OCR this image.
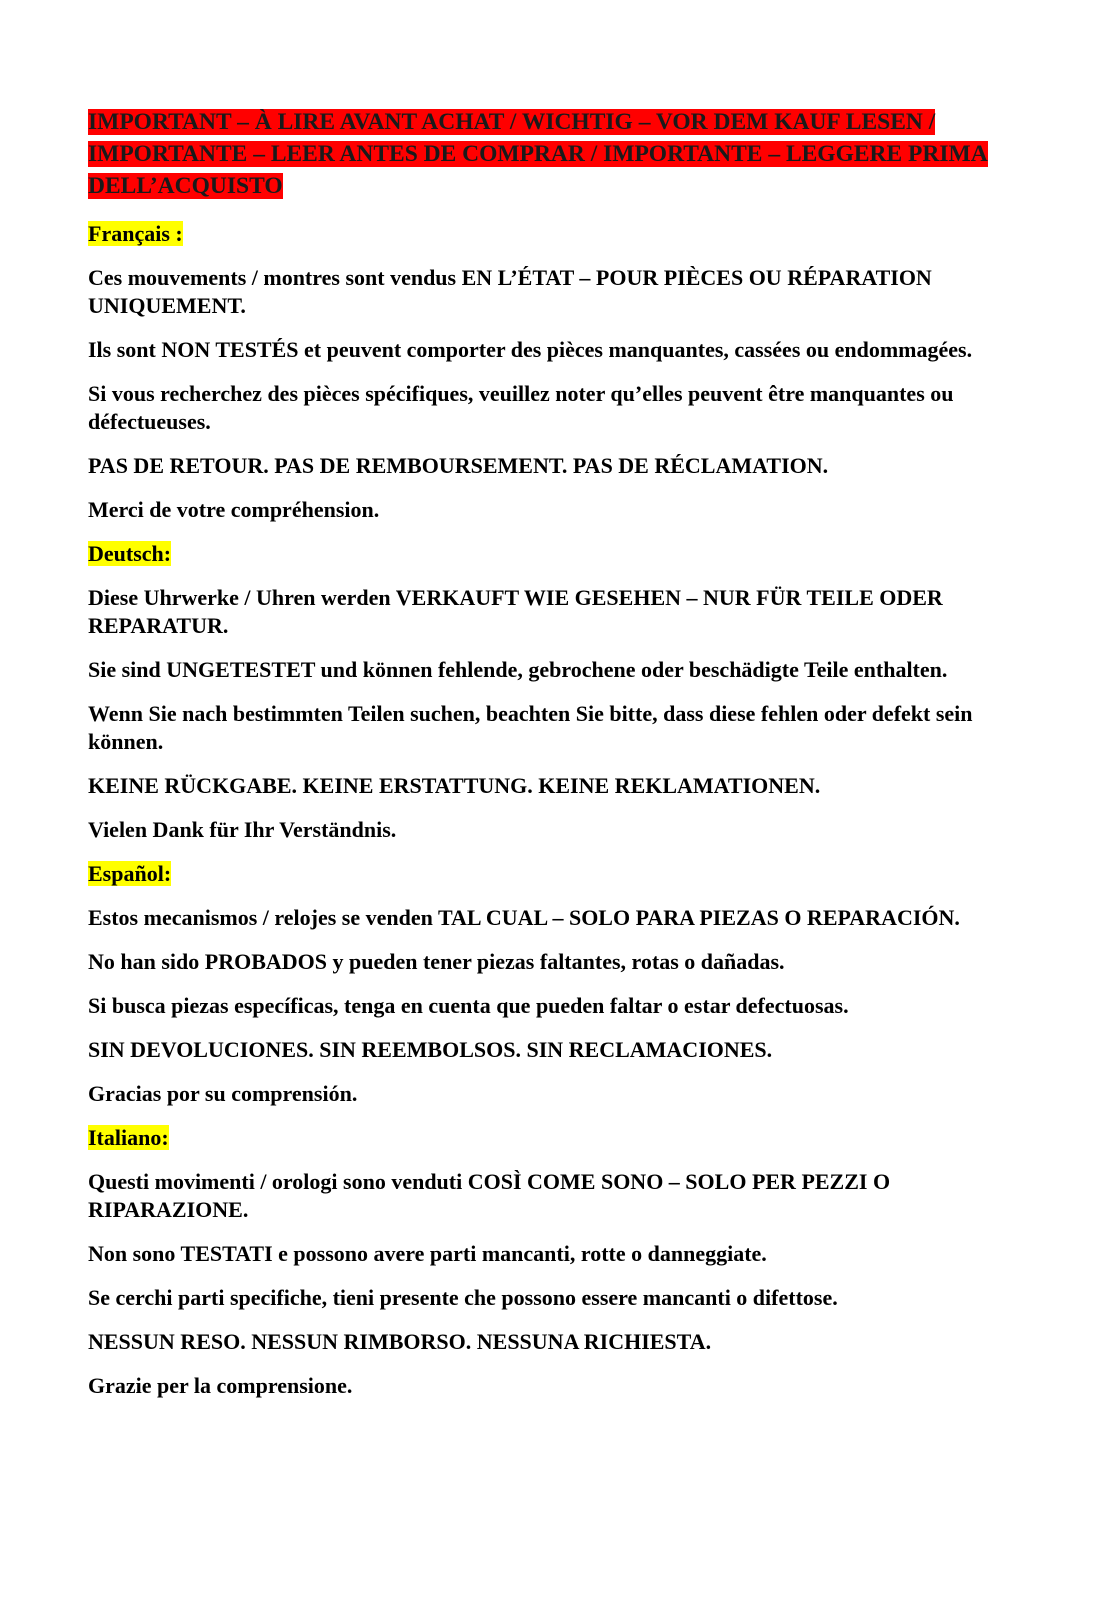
IMPORTANT – À LIRE AVANT ACHAT / WICHTIG – VOR DEM KAUF LESEN / IMPORTANTE – LEER ANTES DE COMPRAR / IMPORTANTE – LEGGERE PRIMA DELL’ACQUISTO

Français :

Ces mouvements / montres sont vendus EN L’ÉTAT – POUR PIÈCES OU RÉPARATION UNIQUEMENT.

Ils sont NON TESTÉS et peuvent comporter des pièces manquantes, cassées ou endommagées.

Si vous recherchez des pièces spécifiques, veuillez noter qu’elles peuvent être manquantes ou défectueuses.

PAS DE RETOUR. PAS DE REMBOURSEMENT. PAS DE RÉCLAMATION.

Merci de votre compréhension.

Deutsch:

Diese Uhrwerke / Uhren werden VERKAUFT WIE GESEHEN – NUR FÜR TEILE ODER REPARATUR.

Sie sind UNGETESTET und können fehlende, gebrochene oder beschädigte Teile enthalten.

Wenn Sie nach bestimmten Teilen suchen, beachten Sie bitte, dass diese fehlen oder defekt sein können.

KEINE RÜCKGABE. KEINE ERSTATTUNG. KEINE REKLAMATIONEN.

Vielen Dank für Ihr Verständnis.

Español:

Estos mecanismos / relojes se venden TAL CUAL – SOLO PARA PIEZAS O REPARACIÓN.

No han sido PROBADOS y pueden tener piezas faltantes, rotas o dañadas.

Si busca piezas específicas, tenga en cuenta que pueden faltar o estar defectuosas.

SIN DEVOLUCIONES. SIN REEMBOLSOS. SIN RECLAMACIONES.

Gracias por su comprensión.

Italiano:

Questi movimenti / orologi sono venduti COSÌ COME SONO – SOLO PER PEZZI O RIPARAZIONE.

Non sono TESTATI e possono avere parti mancanti, rotte o danneggiate.

Se cerchi parti specifiche, tieni presente che possono essere mancanti o difettose.

NESSUN RESO. NESSUN RIMBORSO. NESSUNA RICHIESTA.

Grazie per la comprensione.
